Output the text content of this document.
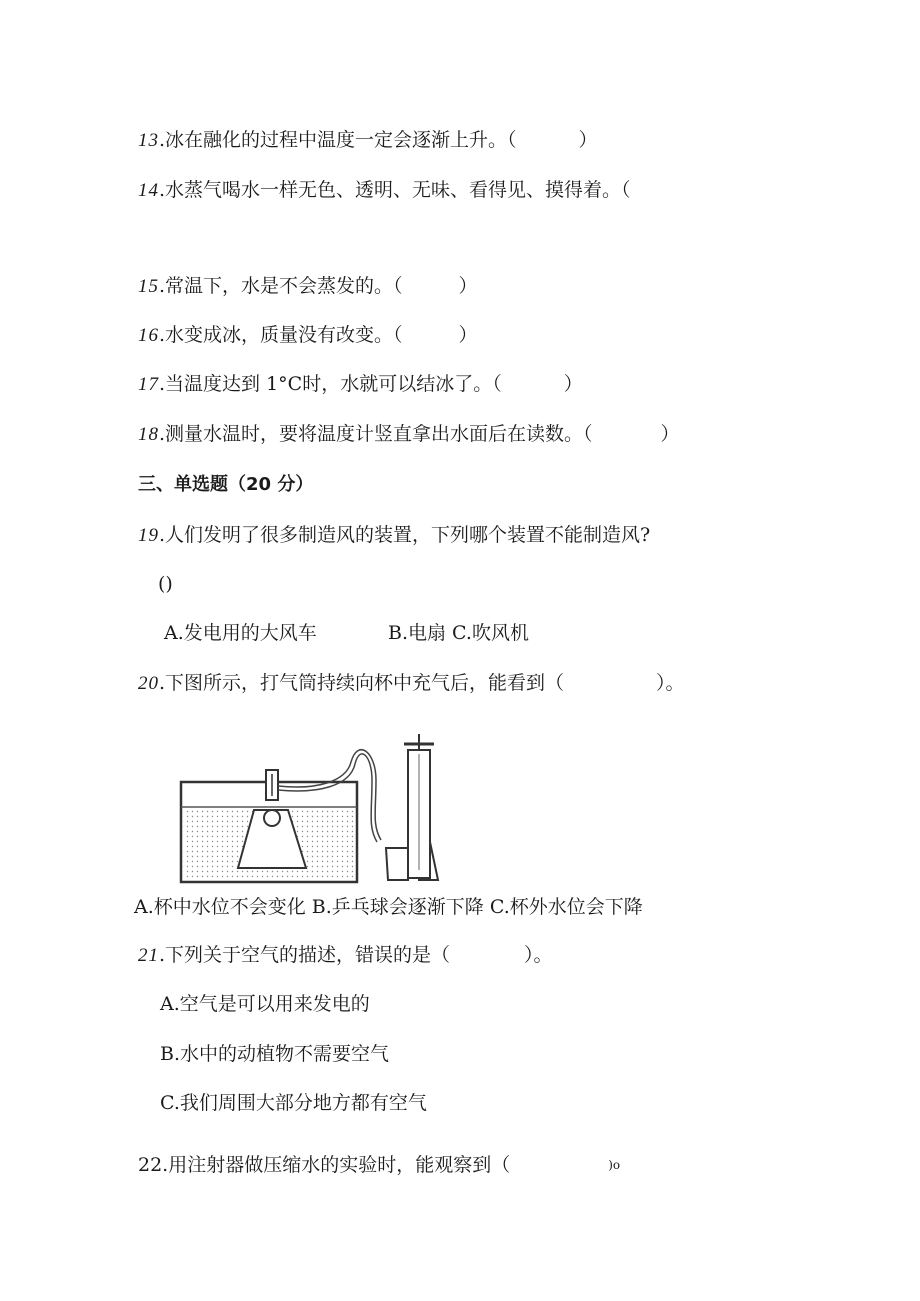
13.冰在融化的过程中温度一定会逐渐上升。（	）
14.水蒸气喝水一样无色、透明、无味、看得见、摸得着。（
15.常温下，水是不会蒸发的。（	）
16.水变成冰，质量没有改变。（	）
17.当温度达到 1°C时，水就可以结冰了。（	）
18.测量水温时，要将温度计竖直拿出水面后在读数。（	）
三、单选题（20 分）
19.人们发明了很多制造风的装置，下列哪个装置不能制造风?
()
A.发电用的大风车	B.电扇 C.吹风机
20.下图所示，打气筒持续向杯中充气后，能看到（	）。
A.杯中水位不会变化 B.乒乓球会逐渐下降 C.杯外水位会下降
21.下列关于空气的描述，错误的是（	）。
A.空气是可以用来发电的
B.水中的动植物不需要空气
C.我们周围大部分地方都有空气
22.用注射器做压缩水的实验时，能观察到（	$^{)o}$
